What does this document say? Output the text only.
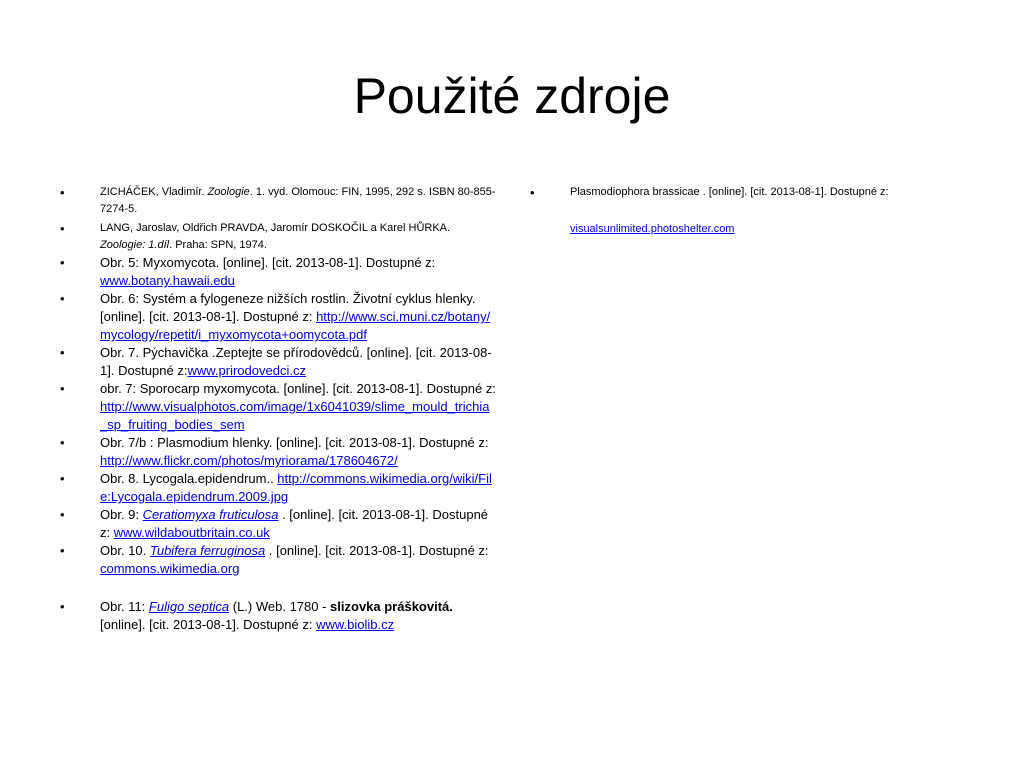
Použité zdroje
•	ZICHÁČEK, Vladimír. Zoologie. 1. vyd. Olomouc: FIN, 1995, 292 s. ISBN 80-855-7274-5.
•	LANG, Jaroslav, Oldřich PRAVDA, Jaromír DOSKOČIL a Karel HŮRKA. Zoologie: 1.díl. Praha: SPN, 1974.
•	Obr. 5: Myxomycota. [online]. [cit. 2013-08-1]. Dostupné z: www.botany.hawaii.edu
•	Obr. 6: Systém a fylogeneze nižších rostlin. Životní cyklus hlenky. [online]. [cit. 2013-08-1]. Dostupné z: http://www.sci.muni.cz/botany/mycology/repetit/i_myxomycota+oomycota.pdf
•	Obr. 7. Pýchavička .Zeptejte se přírodovědců. [online]. [cit. 2013-08-1]. Dostupné z:www.prirodovedci.cz
•	obr. 7: Sporocarp myxomycota. [online]. [cit. 2013-08-1]. Dostupné z: http://www.visualphotos.com/image/1x6041039/slime_mould_trichia_sp_fruiting_bodies_sem
•	Obr. 7/b : Plasmodium hlenky. [online]. [cit. 2013-08-1]. Dostupné z: http://www.flickr.com/photos/myriorama/178604672/
•	Obr. 8. Lycogala.epidendrum.. http://commons.wikimedia.org/wiki/File:Lycogala.epidendrum.2009.jpg
•	Obr. 9: Ceratiomyxa fruticulosa . [online]. [cit. 2013-08-1]. Dostupné z: www.wildaboutbritain.co.uk
•	Obr. 10. Tubifera ferruginosa . [online]. [cit. 2013-08-1]. Dostupné z: commons.wikimedia.org
•	Obr. 11: Fuligo septica (L.) Web. 1780 - slizovka práškovitá.
[online]. [cit. 2013-08-1]. Dostupné z: www.biolib.cz
•	Plasmodiophora brassicae . [online]. [cit. 2013-08-1]. Dostupné z:
visualsunlimited.photoshelter.com
